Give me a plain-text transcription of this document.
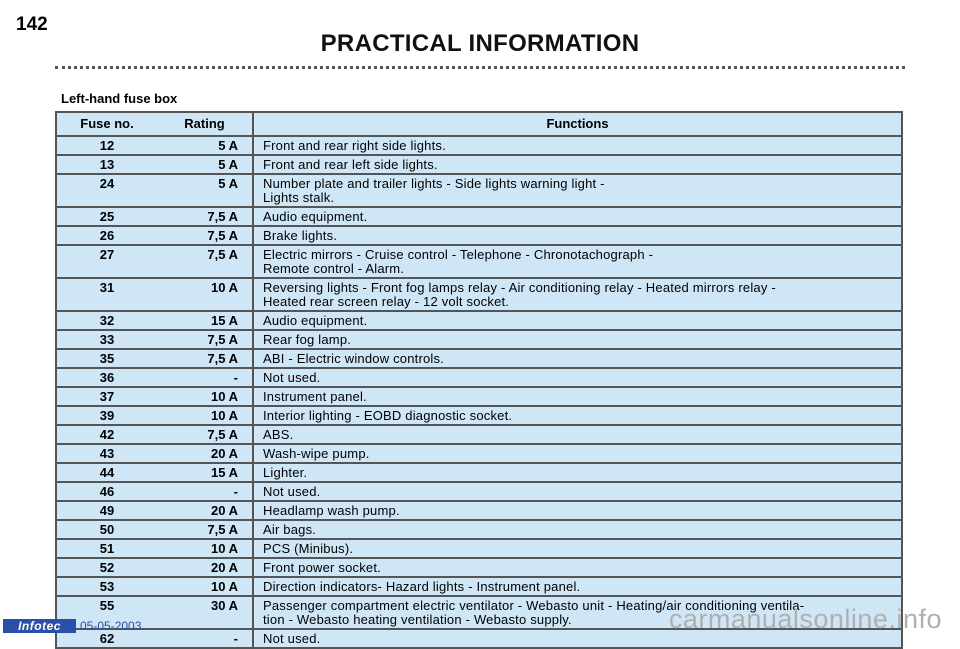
142
PRACTICAL INFORMATION
Left-hand fuse box
Fuse no.	Rating	Functions
12	5 A	Front and rear right side lights.

13	5 A	Front and rear left side lights.

24	5 A	Number plate and trailer lights - Side lights warning light -
Lights stalk.

25	7,5 A	Audio equipment.

26	7,5 A	Brake lights.

27	7,5 A	Electric mirrors - Cruise control - Telephone - Chronotachograph -
Remote control - Alarm.

31	10 A	Reversing lights - Front fog lamps relay - Air conditioning relay - Heated mirrors relay -
Heated rear screen relay - 12 volt socket.

32	15 A	Audio equipment.

33	7,5 A	Rear fog lamp.

35	7,5 A	ABI - Electric window controls.

36	-	Not used.

37	10 A	Instrument panel.

39	10 A	Interior lighting - EOBD diagnostic socket.

42	7,5 A	ABS.

43	20 A	Wash-wipe pump.

44	15 A	Lighter.

46	-	Not used.

49	20 A	Headlamp wash pump.

50	7,5 A	Air bags.

51	10 A	PCS (Minibus).

52	20 A	Front power socket.

53	10 A	Direction indicators- Hazard lights - Instrument panel.

55	30 A	Passenger compartment electric ventilator - Webasto unit - Heating/air conditioning ventila-
tion - Webasto heating ventilation - Webasto supply.

62	-	Not used.
Infotec	05-05-2003	carmanualsonline.info
